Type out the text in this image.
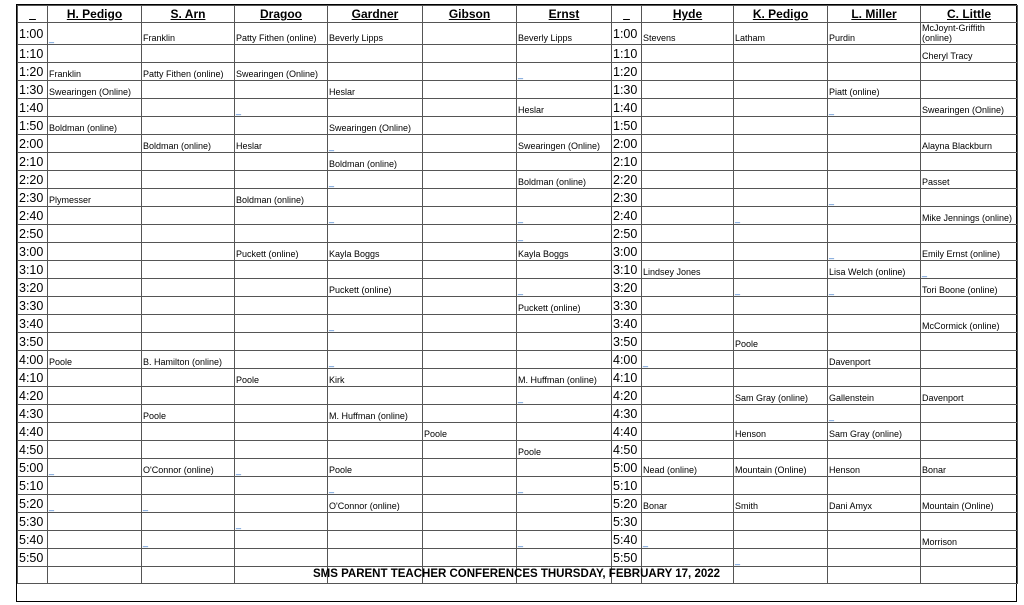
_	H. Pedigo	S. Arn	Dragoo	Gardner	Gibson	Ernst	_	Hyde	K. Pedigo	L. Miller	C. Little
1:00	_	Franklin	Patty Fithen (online)	Beverly Lipps		Beverly Lipps	1:00	Stevens	Latham	Purdin	McJoynt-Griffith (online)

1:10							1:10				Cheryl Tracy
1:20	Franklin	Patty Fithen (online)	Swearingen (Online)			_	1:20				
1:30	Swearingen (Online)			Heslar			1:30			Piatt (online)	
1:40			_			Heslar	1:40			_	Swearingen (Online)
1:50	Boldman (online)			Swearingen (Online)			1:50				
2:00		Boldman (online)	Heslar	_		Swearingen (Online)	2:00				Alayna Blackburn
2:10				Boldman (online)			2:10				
2:20				_		Boldman (online)	2:20				Passet
2:30	Plymesser		Boldman (online)				2:30			_	
2:40				_		_	2:40		_		Mike Jennings (online)
2:50						_	2:50				
3:00			Puckett (online)	Kayla Boggs		Kayla Boggs	3:00			_	Emily Ernst (online)
3:10							3:10	Lindsey Jones		Lisa Welch (online)	_
3:20				Puckett (online)		_	3:20		_	_	Tori Boone (online)
3:30						Puckett (online)	3:30				
3:40				_			3:40				McCormick (online)
3:50							3:50		Poole		
4:00	Poole	B. Hamilton (online)		_			4:00	_		Davenport	
4:10			Poole	Kirk		M. Huffman (online)	4:10				
4:20						_	4:20		Sam Gray (online)	Gallenstein	Davenport
4:30		Poole		M. Huffman (online)			4:30			_	
4:40					Poole		4:40		Henson	Sam Gray (online)	
4:50						Poole	4:50				
5:00	_	O'Connor (online)	_	Poole			5:00	Nead (online)	Mountain (Online)	Henson	Bonar
5:10				_		_	5:10				
5:20	_	_		O'Connor (online)			5:20	Bonar	Smith	Dani Amyx	Mountain (Online)
5:30			_				5:30				
5:40		_				_	5:40	_			Morrison
5:50							5:50		_		

SMS PARENT TEACHER CONFERENCES THURSDAY, FEBRUARY 17, 2022
